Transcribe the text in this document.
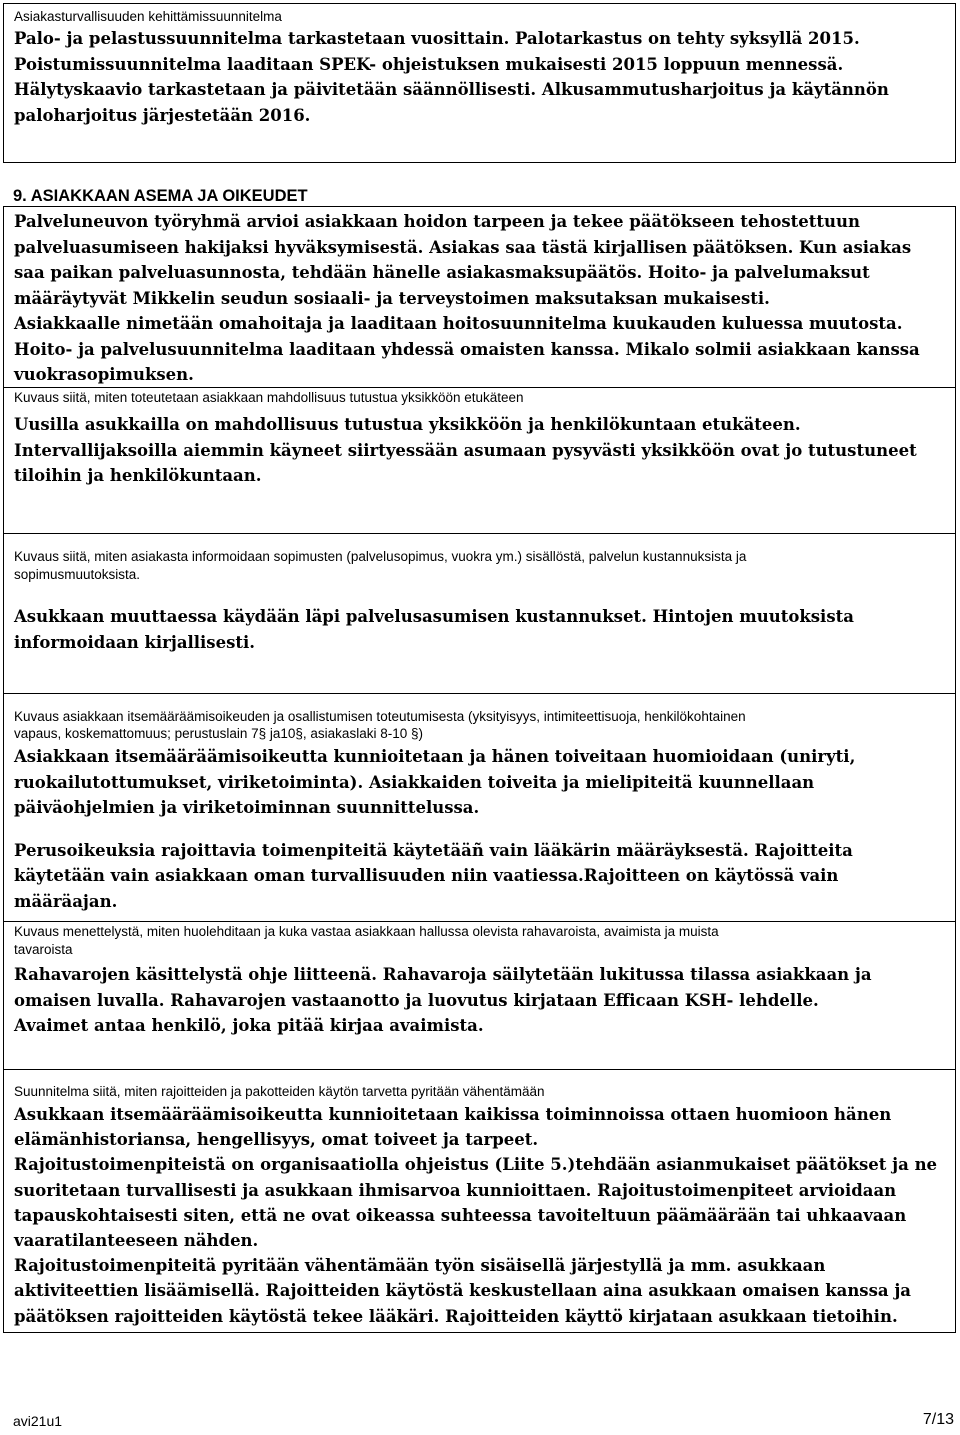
Asiakasturvallisuuden kehittämissuunnitelma
Palo- ja pelastussuunnitelma tarkastetaan vuosittain. Palotarkastus on tehty syksyllä 2015.
Poistumissuunnitelma laaditaan SPEK- ohjeistuksen mukaisesti 2015 loppuun mennessä.
Hälytyskaavio tarkastetaan ja päivitetään säännöllisesti. Alkusammutusharjoitus ja käytännön
paloharjoitus järjestetään 2016.
9. ASIAKKAAN ASEMA JA OIKEUDET
Palveluneuvon työryhmä arvioi asiakkaan hoidon tarpeen ja tekee päätökseen tehostettuun
palveluasumiseen hakijaksi hyväksymisestä. Asiakas saa tästä kirjallisen päätöksen. Kun asiakas
saa paikan palveluasunnosta, tehdään hänelle asiakasmaksupäätös. Hoito- ja palvelumaksut
määräytyvät Mikkelin seudun sosiaali- ja terveystoimen maksutaksan mukaisesti.
Asiakkaalle nimetään omahoitaja ja laaditaan hoitosuunnitelma kuukauden kuluessa muutosta.
Hoito- ja palvelusuunnitelma laaditaan yhdessä omaisten kanssa. Mikalo solmii asiakkaan kanssa
vuokrasopimuksen.
Kuvaus siitä, miten toteutetaan asiakkaan mahdollisuus tutustua yksikköön etukäteen
Uusilla asukkailla on mahdollisuus tutustua yksikköön ja henkilökuntaan etukäteen.
Intervallijaksoilla aiemmin käyneet siirtyessään asumaan pysyvästi yksikköön ovat jo tutustuneet
tiloihin ja henkilökuntaan.
Kuvaus siitä, miten asiakasta informoidaan sopimusten (palvelusopimus, vuokra ym.) sisällöstä, palvelun kustannuksista ja
sopimusmuutoksista.
Asukkaan muuttaessa käydään läpi palvelusasumisen kustannukset. Hintojen muutoksista
informoidaan kirjallisesti.
Kuvaus asiakkaan itsemääräämisoikeuden ja osallistumisen toteutumisesta (yksityisyys, intimiteettisuoja, henkilökohtainen
vapaus, koskemattomuus; perustuslain 7§ ja10§, asiakaslaki 8-10 §)
Asiakkaan itsemääräämisoikeutta kunnioitetaan ja hänen toiveitaan huomioidaan (uniryti,
ruokailutottumukset, viriketoiminta). Asiakkaiden toiveita ja mielipiteitä kuunnellaan
päiväohjelmien ja viriketoiminnan suunnittelussa.
Perusoikeuksia rajoittavia toimenpiteitä käytetääñ vain lääkärin määräyksestä. Rajoitteita
käytetään vain asiakkaan oman turvallisuuden niin vaatiessa.Rajoitteen on käytössä vain
määräajan.
Kuvaus menettelystä, miten huolehditaan ja kuka vastaa asiakkaan hallussa olevista rahavaroista, avaimista ja muista
tavaroista
Rahavarojen käsittelystä ohje liitteenä. Rahavaroja säilytetään lukitussa tilassa asiakkaan ja
omaisen luvalla. Rahavarojen vastaanotto ja luovutus kirjataan Efficaan KSH- lehdelle.
Avaimet antaa henkilö, joka pitää kirjaa avaimista.
Suunnitelma siitä, miten rajoitteiden ja pakotteiden käytön tarvetta pyritään vähentämään
Asukkaan itsemääräämisoikeutta kunnioitetaan kaikissa toiminnoissa ottaen huomioon hänen
elämänhistoriansa, hengellisyys, omat toiveet ja tarpeet.
Rajoitustoimenpiteistä on organisaatiolla ohjeistus (Liite 5.)tehdään asianmukaiset päätökset ja ne
suoritetaan turvallisesti ja asukkaan ihmisarvoa kunnioittaen. Rajoitustoimenpiteet arvioidaan
tapauskohtaisesti siten, että ne ovat oikeassa suhteessa tavoiteltuun päämäärään tai uhkaavaan
vaaratilanteeseen nähden.
Rajoitustoimenpiteitä pyritään vähentämään työn sisäisellä järjestyllä ja mm. asukkaan
aktiviteettien lisäämisellä. Rajoitteiden käytöstä keskustellaan aina asukkaan omaisen kanssa ja
päätöksen rajoitteiden käytöstä tekee lääkäri. Rajoitteiden käyttö kirjataan asukkaan tietoihin.
avi21u1	7/13
